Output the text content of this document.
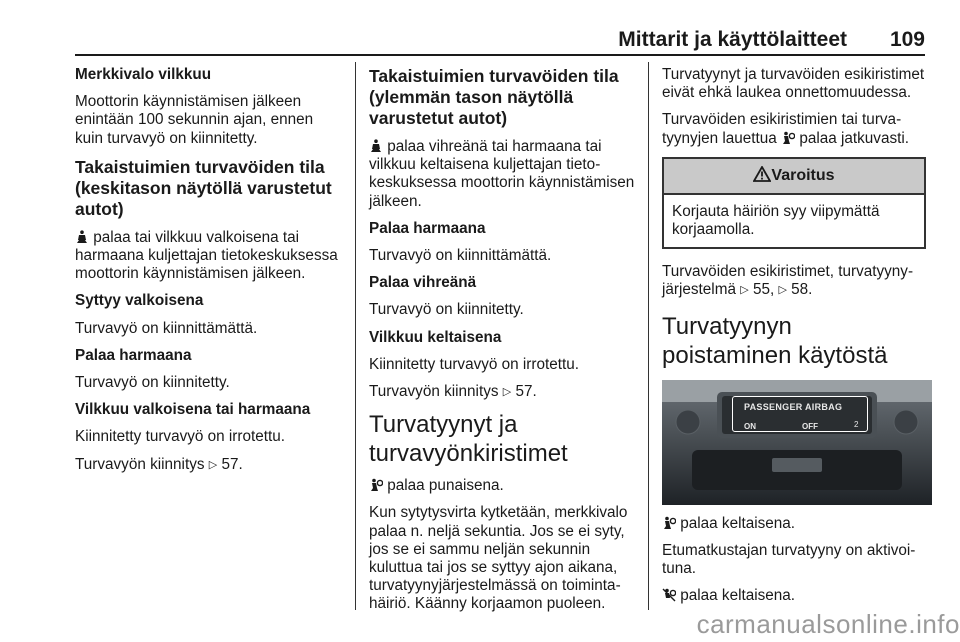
Mittarit ja käyttölaitteet 109

Merkkivalo vilkkuu

Moottorin käynnistämisen jälkeen enintään 100 sekunnin ajan, ennen kuin turvavyö on kiinnitetty.

Takaistuimien turvavöiden tila (keskitason näytöllä varustetut autot)

palaa tai vilkkuu valkoisena tai harmaana kuljettajan tietokeskuksessa moottorin käynnistämisen jälkeen.

Syttyy valkoisena

Turvavyö on kiinnittämättä.

Palaa harmaana

Turvavyö on kiinnitetty.

Vilkkuu valkoisena tai harmaana

Kiinnitetty turvavyö on irrotettu.

Turvavyön kiinnitys ▷ 57.

Takaistuimien turvavöiden tila (ylemmän tason näytöllä varustetut autot)

palaa vihreänä tai harmaana tai vilkkuu keltaisena kuljettajan tietokeskuksessa moottorin käynnistämisen jälkeen.

Palaa harmaana

Turvavyö on kiinnittämättä.

Palaa vihreänä

Turvavyö on kiinnitetty.

Vilkkuu keltaisena

Kiinnitetty turvavyö on irrotettu.

Turvavyön kiinnitys ▷ 57.

Turvatyynyt ja turvavyönkiristimet

palaa punaisena.

Kun sytytysvirta kytketään, merkkivalo palaa n. neljä sekuntia. Jos se ei syty, jos se ei sammu neljän sekunnin kuluttua tai jos se syttyy ajon aikana, turvatyynyjärjestelmässä on toimintahäiriö. Käänny korjaamon puoleen.

Turvatyynyt ja turvavöiden esikiristimet eivät ehkä laukea onnettomuudessa.

Turvavöiden esikiristimien tai turvatyynyjen lauettua palaa jatkuvasti.

Varoitus
Korjauta häiriön syy viipymättä korjaamolla.

Turvavöiden esikiristimet, turvatyynyjärjestelmä ▷ 55, ▷ 58.

Turvatyynyn poistaminen käytöstä

PASSENGER AIRBAG
ON	OFF	2

palaa keltaisena.

Etumatkustajan turvatyyny on aktivoituna.

palaa keltaisena.

carmanualsonline.info
